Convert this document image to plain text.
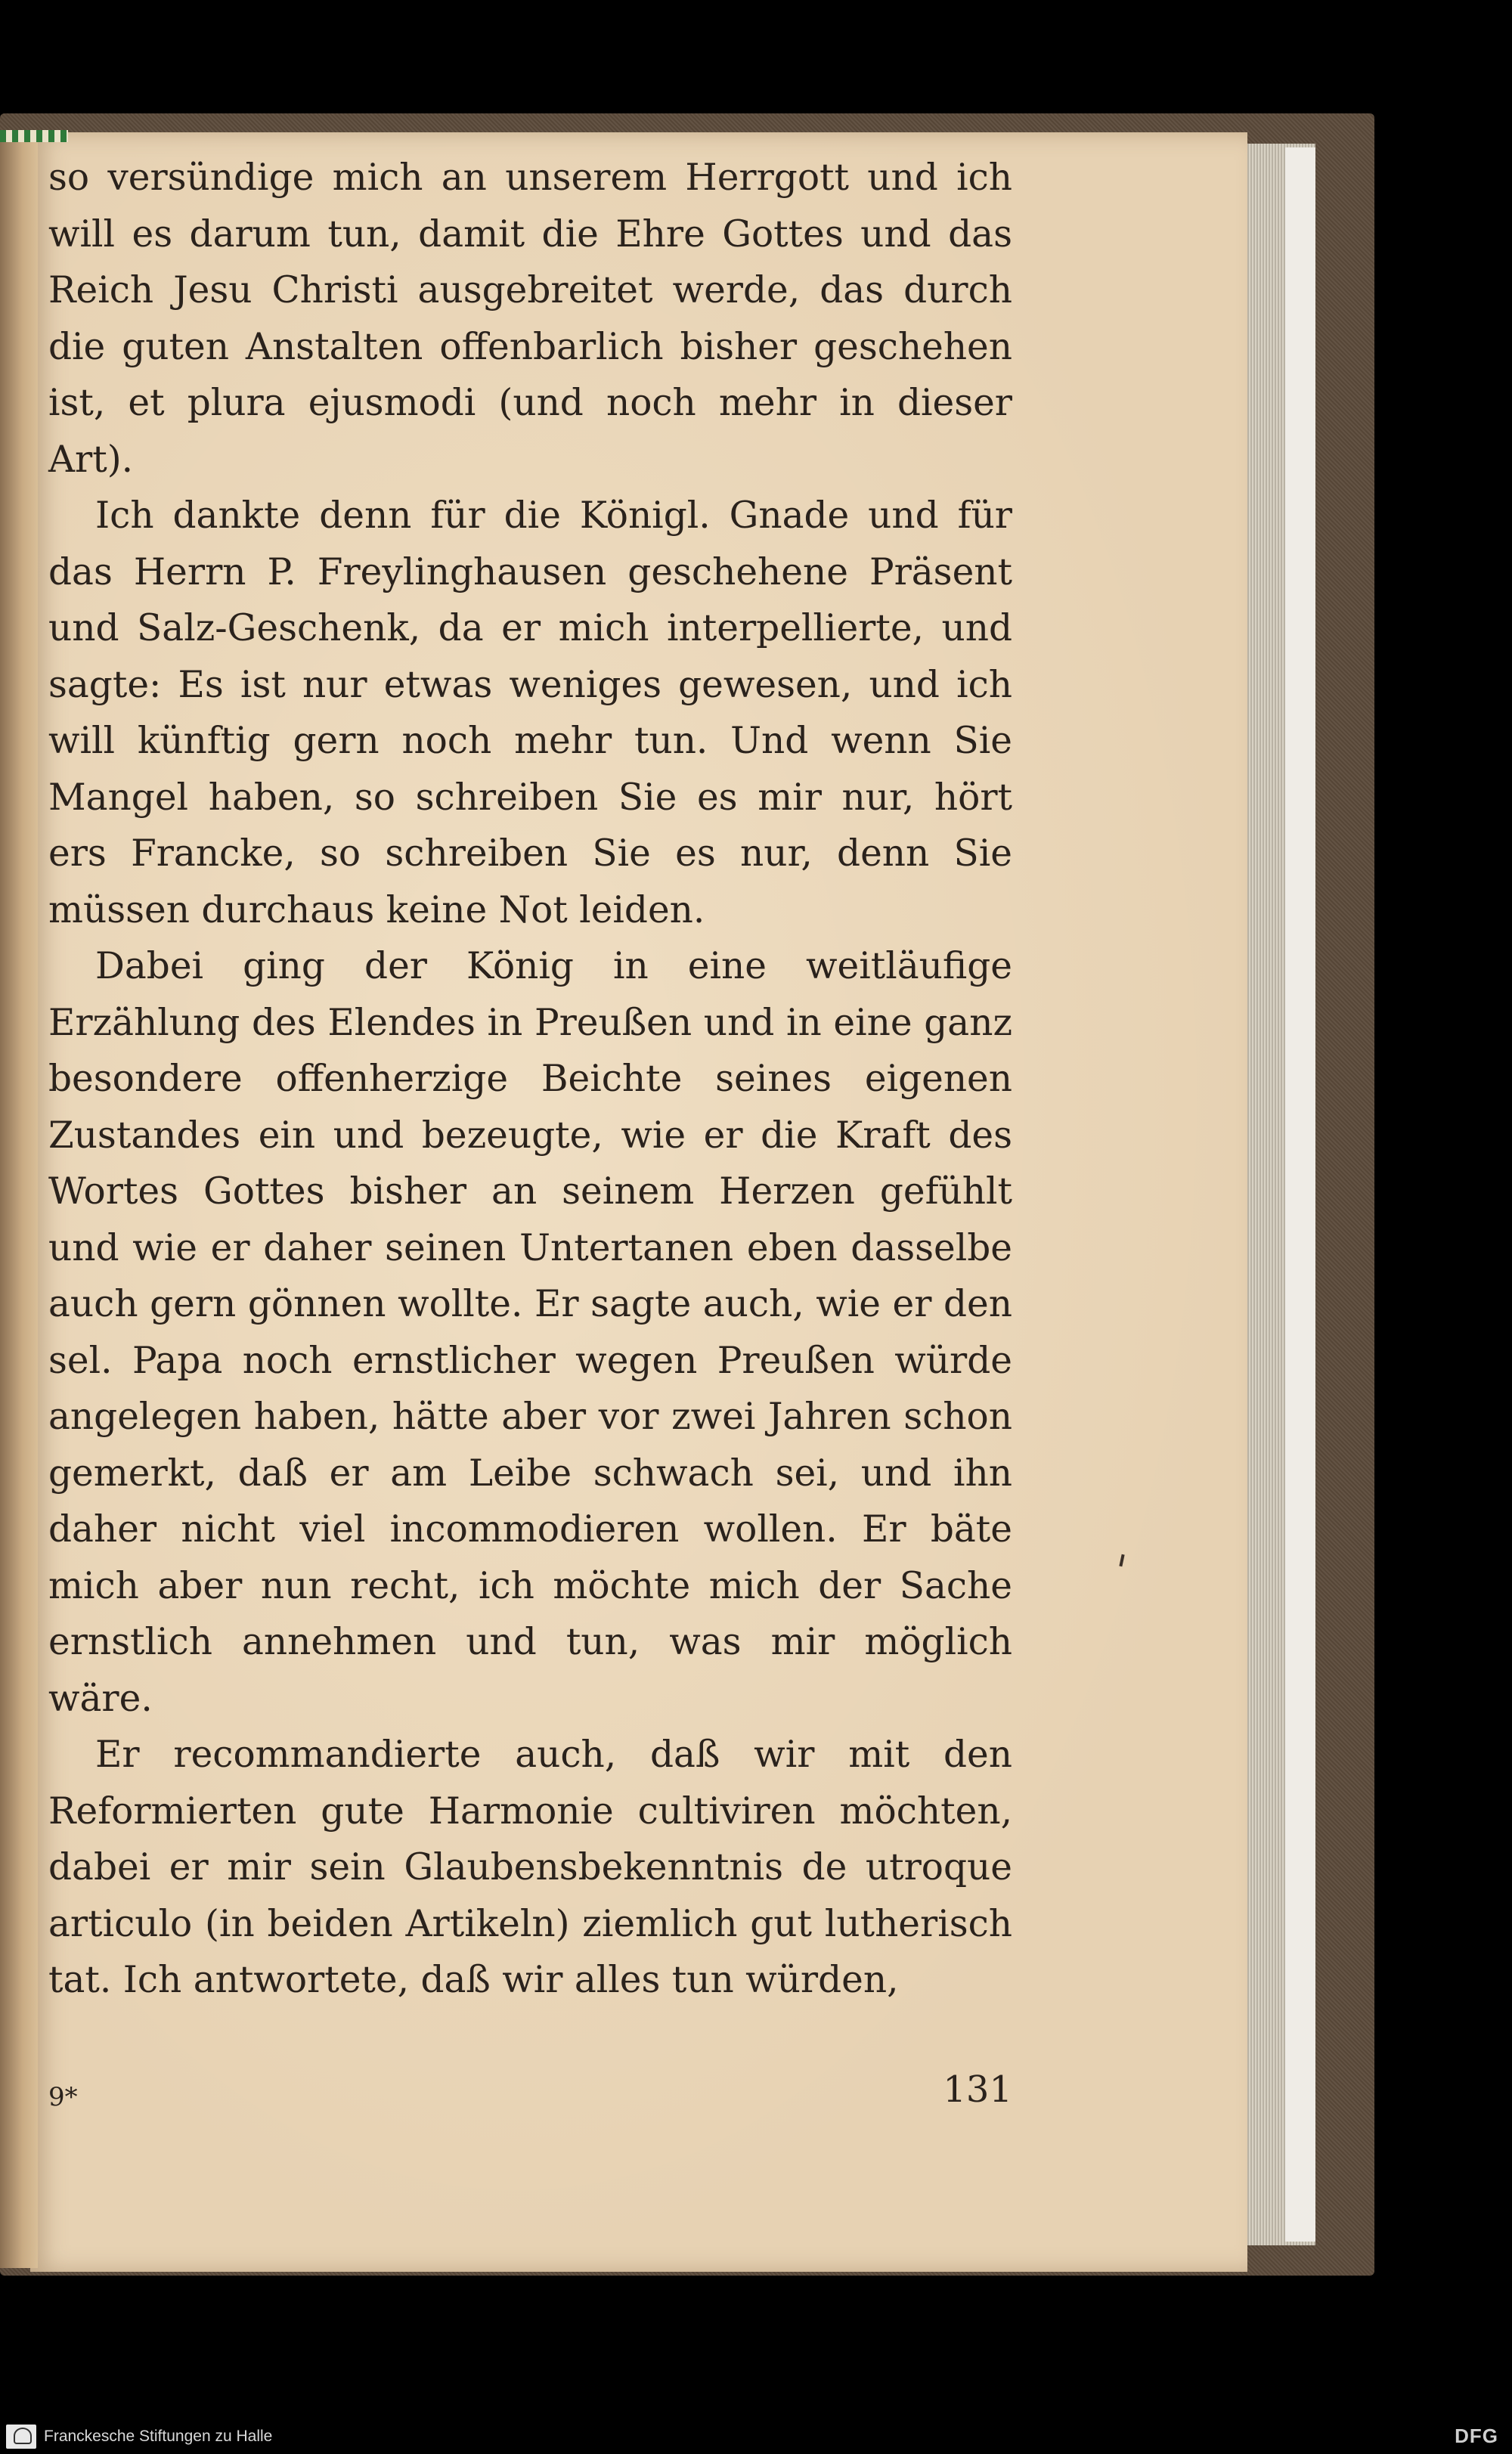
so versündige mich an unserem Herrgott und ich will es darum tun, damit die Ehre Gottes und das Reich Jesu Christi ausgebreitet werde, das durch die guten Anstalten offenbarlich bisher geschehen ist, et plura ejusmodi (und noch mehr in dieser Art).

Ich dankte denn für die Königl. Gnade und für das Herrn P. Freylinghausen geschehene Präsent und Salz-Geschenk, da er mich interpellierte, und sagte: Es ist nur etwas weniges gewesen, und ich will künftig gern noch mehr tun. Und wenn Sie Mangel haben, so schreiben Sie es mir nur, hört ers Francke, so schreiben Sie es nur, denn Sie müssen durchaus keine Not leiden.

Dabei ging der König in eine weitläufige Erzählung des Elendes in Preußen und in eine ganz besondere offenherzige Beichte seines eigenen Zustandes ein und bezeugte, wie er die Kraft des Wortes Gottes bisher an seinem Herzen gefühlt und wie er daher seinen Untertanen eben dasselbe auch gern gönnen wollte. Er sagte auch, wie er den sel. Papa noch ernstlicher wegen Preußen würde angelegen haben, hätte aber vor zwei Jahren schon gemerkt, daß er am Leibe schwach sei, und ihn daher nicht viel incommodieren wollen. Er bäte mich aber nun recht, ich möchte mich der Sache ernstlich annehmen und tun, was mir möglich wäre.

Er recommandierte auch, daß wir mit den Reformierten gute Harmonie cultiviren möchten, dabei er mir sein Glaubensbekenntnis de utroque articulo (in beiden Artikeln) ziemlich gut lutherisch tat. Ich antwortete, daß wir alles tun würden,

9*	131
Franckesche Stiftungen zu Halle	DFG
